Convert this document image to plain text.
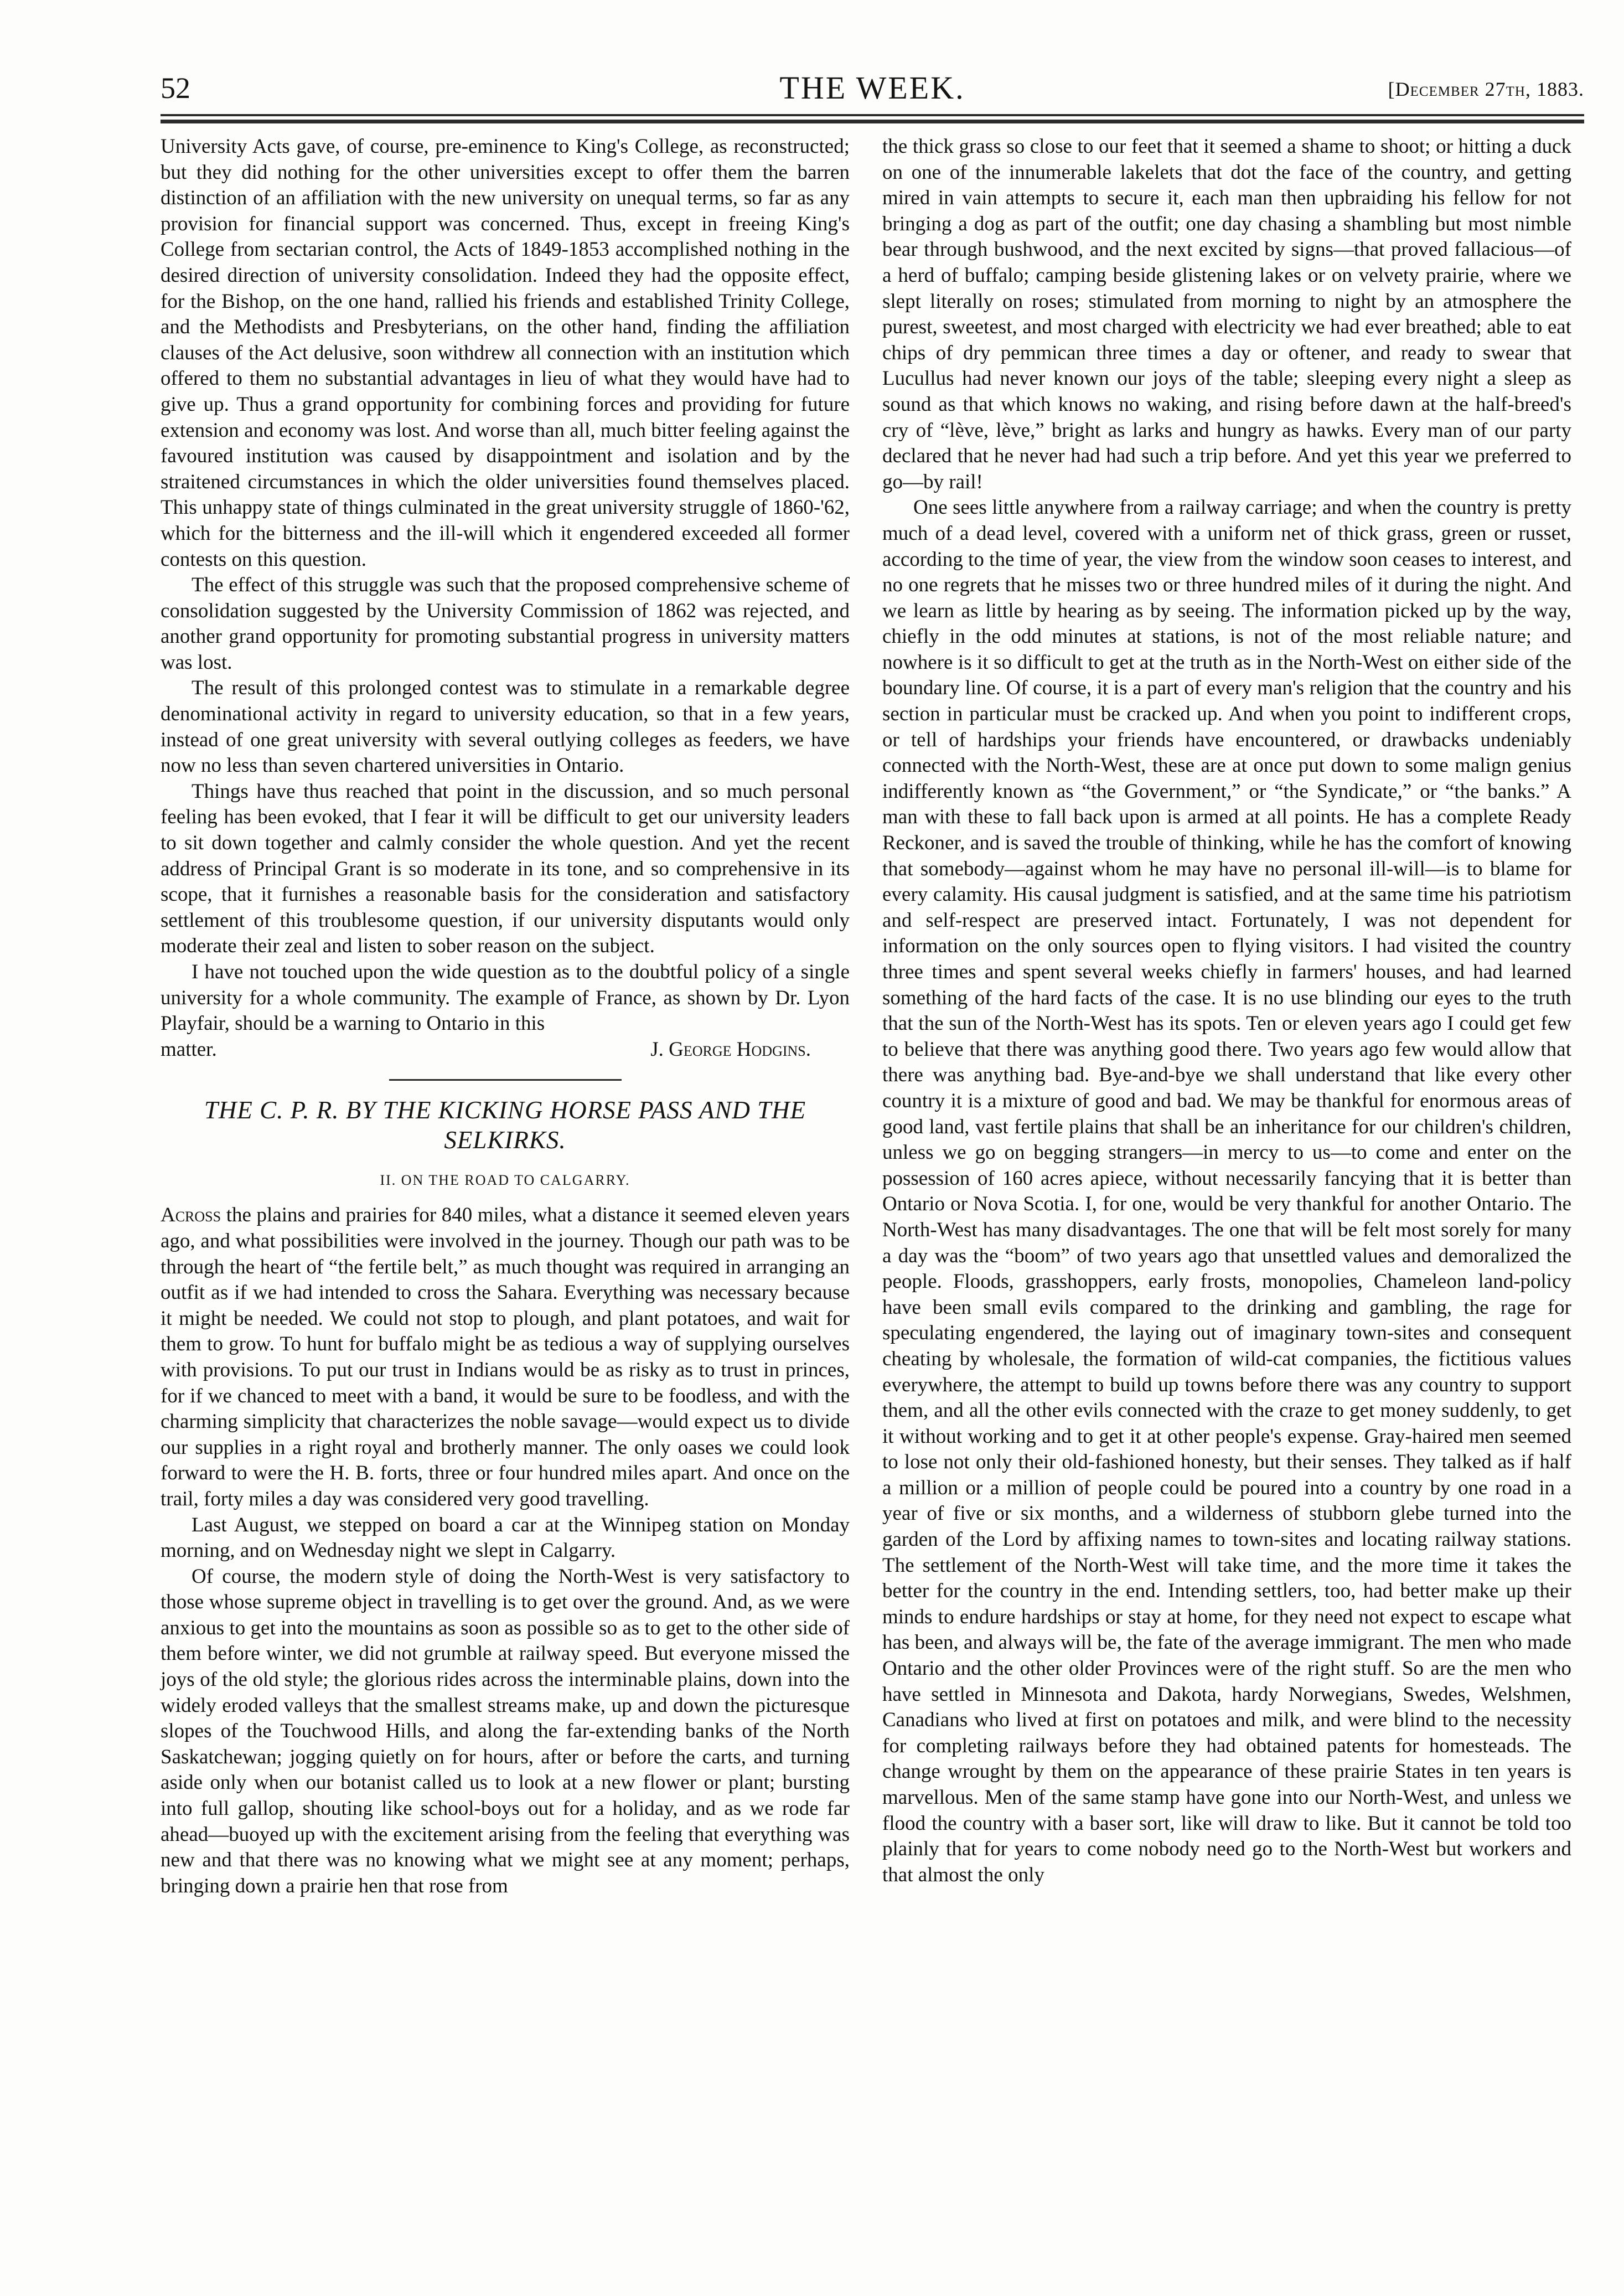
52	THE WEEK.	[December 27th, 1883.

University Acts gave, of course, pre-eminence to King's College, as reconstructed; but they did nothing for the other universities except to offer them the barren distinction of an affiliation with the new university on unequal terms, so far as any provision for financial support was concerned. Thus, except in freeing King's College from sectarian control, the Acts of 1849-1853 accomplished nothing in the desired direction of university consolidation. Indeed they had the opposite effect, for the Bishop, on the one hand, rallied his friends and established Trinity College, and the Methodists and Presbyterians, on the other hand, finding the affiliation clauses of the Act delusive, soon withdrew all connection with an institution which offered to them no substantial advantages in lieu of what they would have had to give up. Thus a grand opportunity for combining forces and providing for future extension and economy was lost. And worse than all, much bitter feeling against the favoured institution was caused by disappointment and isolation and by the straitened circumstances in which the older universities found themselves placed. This unhappy state of things culminated in the great university struggle of 1860-'62, which for the bitterness and the ill-will which it engendered exceeded all former contests on this question.

The effect of this struggle was such that the proposed comprehensive scheme of consolidation suggested by the University Commission of 1862 was rejected, and another grand opportunity for promoting substantial progress in university matters was lost.

The result of this prolonged contest was to stimulate in a remarkable degree denominational activity in regard to university education, so that in a few years, instead of one great university with several outlying colleges as feeders, we have now no less than seven chartered universities in Ontario.

Things have thus reached that point in the discussion, and so much personal feeling has been evoked, that I fear it will be difficult to get our university leaders to sit down together and calmly consider the whole question. And yet the recent address of Principal Grant is so moderate in its tone, and so comprehensive in its scope, that it furnishes a reasonable basis for the consideration and satisfactory settlement of this troublesome question, if our university disputants would only moderate their zeal and listen to sober reason on the subject.

I have not touched upon the wide question as to the doubtful policy of a single university for a whole community. The example of France, as shown by Dr. Lyon Playfair, should be a warning to Ontario in this

matter.	J. George Hodgins.
THE C. P. R. BY THE KICKING HORSE PASS AND THE SELKIRKS.
II. ON THE ROAD TO CALGARRY.

Across the plains and prairies for 840 miles, what a distance it seemed eleven years ago, and what possibilities were involved in the journey. Though our path was to be through the heart of “the fertile belt,” as much thought was required in arranging an outfit as if we had intended to cross the Sahara. Everything was necessary because it might be needed. We could not stop to plough, and plant potatoes, and wait for them to grow. To hunt for buffalo might be as tedious a way of supplying ourselves with provisions. To put our trust in Indians would be as risky as to trust in princes, for if we chanced to meet with a band, it would be sure to be foodless, and with the charming simplicity that characterizes the noble savage—would expect us to divide our supplies in a right royal and brotherly manner. The only oases we could look forward to were the H. B. forts, three or four hundred miles apart. And once on the trail, forty miles a day was considered very good travelling.

Last August, we stepped on board a car at the Winnipeg station on Monday morning, and on Wednesday night we slept in Calgarry.

Of course, the modern style of doing the North-West is very satisfactory to those whose supreme object in travelling is to get over the ground. And, as we were anxious to get into the mountains as soon as possible so as to get to the other side of them before winter, we did not grumble at railway speed. But everyone missed the joys of the old style; the glorious rides across the interminable plains, down into the widely eroded valleys that the smallest streams make, up and down the picturesque slopes of the Touchwood Hills, and along the far-extending banks of the North Saskatchewan; jogging quietly on for hours, after or before the carts, and turning aside only when our botanist called us to look at a new flower or plant; bursting into full gallop, shouting like school-boys out for a holiday, and as we rode far ahead—buoyed up with the excitement arising from the feeling that everything was new and that there was no knowing what we might see at any moment; perhaps, bringing down a prairie hen that rose from

the thick grass so close to our feet that it seemed a shame to shoot; or hitting a duck on one of the innumerable lakelets that dot the face of the country, and getting mired in vain attempts to secure it, each man then upbraiding his fellow for not bringing a dog as part of the outfit; one day chasing a shambling but most nimble bear through bushwood, and the next excited by signs—that proved fallacious—of a herd of buffalo; camping beside glistening lakes or on velvety prairie, where we slept literally on roses; stimulated from morning to night by an atmosphere the purest, sweetest, and most charged with electricity we had ever breathed; able to eat chips of dry pemmican three times a day or oftener, and ready to swear that Lucullus had never known our joys of the table; sleeping every night a sleep as sound as that which knows no waking, and rising before dawn at the half-breed's cry of “lève, lève,” bright as larks and hungry as hawks. Every man of our party declared that he never had had such a trip before. And yet this year we preferred to go—by rail!

One sees little anywhere from a railway carriage; and when the country is pretty much of a dead level, covered with a uniform net of thick grass, green or russet, according to the time of year, the view from the window soon ceases to interest, and no one regrets that he misses two or three hundred miles of it during the night. And we learn as little by hearing as by seeing. The information picked up by the way, chiefly in the odd minutes at stations, is not of the most reliable nature; and nowhere is it so difficult to get at the truth as in the North-West on either side of the boundary line. Of course, it is a part of every man's religion that the country and his section in particular must be cracked up. And when you point to indifferent crops, or tell of hardships your friends have encountered, or drawbacks undeniably connected with the North-West, these are at once put down to some malign genius indifferently known as “the Government,” or “the Syndicate,” or “the banks.” A man with these to fall back upon is armed at all points. He has a complete Ready Reckoner, and is saved the trouble of thinking, while he has the comfort of knowing that somebody—against whom he may have no personal ill-will—is to blame for every calamity. His causal judgment is satisfied, and at the same time his patriotism and self-respect are preserved intact. Fortunately, I was not dependent for information on the only sources open to flying visitors. I had visited the country three times and spent several weeks chiefly in farmers' houses, and had learned something of the hard facts of the case. It is no use blinding our eyes to the truth that the sun of the North-West has its spots. Ten or eleven years ago I could get few to believe that there was anything good there. Two years ago few would allow that there was anything bad. Bye-and-bye we shall understand that like every other country it is a mixture of good and bad. We may be thankful for enormous areas of good land, vast fertile plains that shall be an inheritance for our children's children, unless we go on begging strangers—in mercy to us—to come and enter on the possession of 160 acres apiece, without necessarily fancying that it is better than Ontario or Nova Scotia. I, for one, would be very thankful for another Ontario. The North-West has many disadvantages. The one that will be felt most sorely for many a day was the “boom” of two years ago that unsettled values and demoralized the people. Floods, grasshoppers, early frosts, monopolies, Chameleon land-policy have been small evils compared to the drinking and gambling, the rage for speculating engendered, the laying out of imaginary town-sites and consequent cheating by wholesale, the formation of wild-cat companies, the fictitious values everywhere, the attempt to build up towns before there was any country to support them, and all the other evils connected with the craze to get money suddenly, to get it without working and to get it at other people's expense. Gray-haired men seemed to lose not only their old-fashioned honesty, but their senses. They talked as if half a million or a million of people could be poured into a country by one road in a year of five or six months, and a wilderness of stubborn glebe turned into the garden of the Lord by affixing names to town-sites and locating railway stations. The settlement of the North-West will take time, and the more time it takes the better for the country in the end. Intending settlers, too, had better make up their minds to endure hardships or stay at home, for they need not expect to escape what has been, and always will be, the fate of the average immigrant. The men who made Ontario and the other older Provinces were of the right stuff. So are the men who have settled in Minnesota and Dakota, hardy Norwegians, Swedes, Welshmen, Canadians who lived at first on potatoes and milk, and were blind to the necessity for completing railways before they had obtained patents for homesteads. The change wrought by them on the appearance of these prairie States in ten years is marvellous. Men of the same stamp have gone into our North-West, and unless we flood the country with a baser sort, like will draw to like. But it cannot be told too plainly that for years to come nobody need go to the North-West but workers and that almost the only
